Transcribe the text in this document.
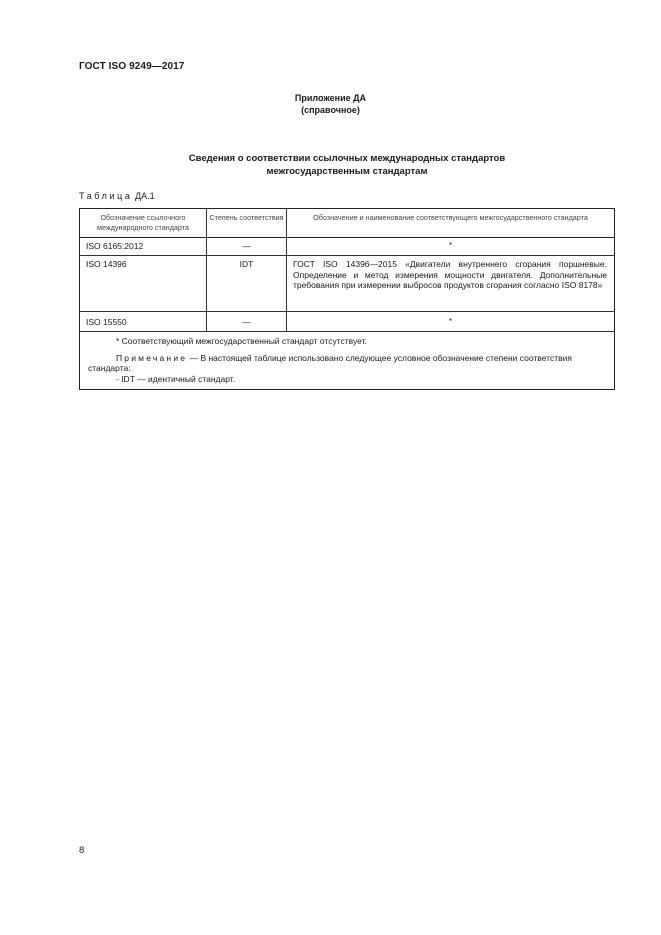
ГОСТ ISO 9249—2017
Приложение ДА
(справочное)
Сведения о соответствии ссылочных международных стандартов
межгосударственным стандартам
Таблица ДА.1
Обозначение ссылочного международного стандарта	Степень соответствия	Обозначение и наименование соответствующего межгосударственного стандарта
ISO 6165:2012	—	*
ISO 14396	IDT	ГОСТ ISO 14396—2015 «Двигатели внутреннего сгорания поршневые. Определение и метод измерения мощности двигателя. Дополнительные требования при измерении выбросов продуктов сгорания согласно ISO 8178»
ISO 15550	—	*

* Соответствующий межгосударственный стандарт отсутствует.

Примечание — В настоящей таблице использовано следующее условное обозначение степени соответствия стандарта:

- IDT — идентичный стандарт.		

8
